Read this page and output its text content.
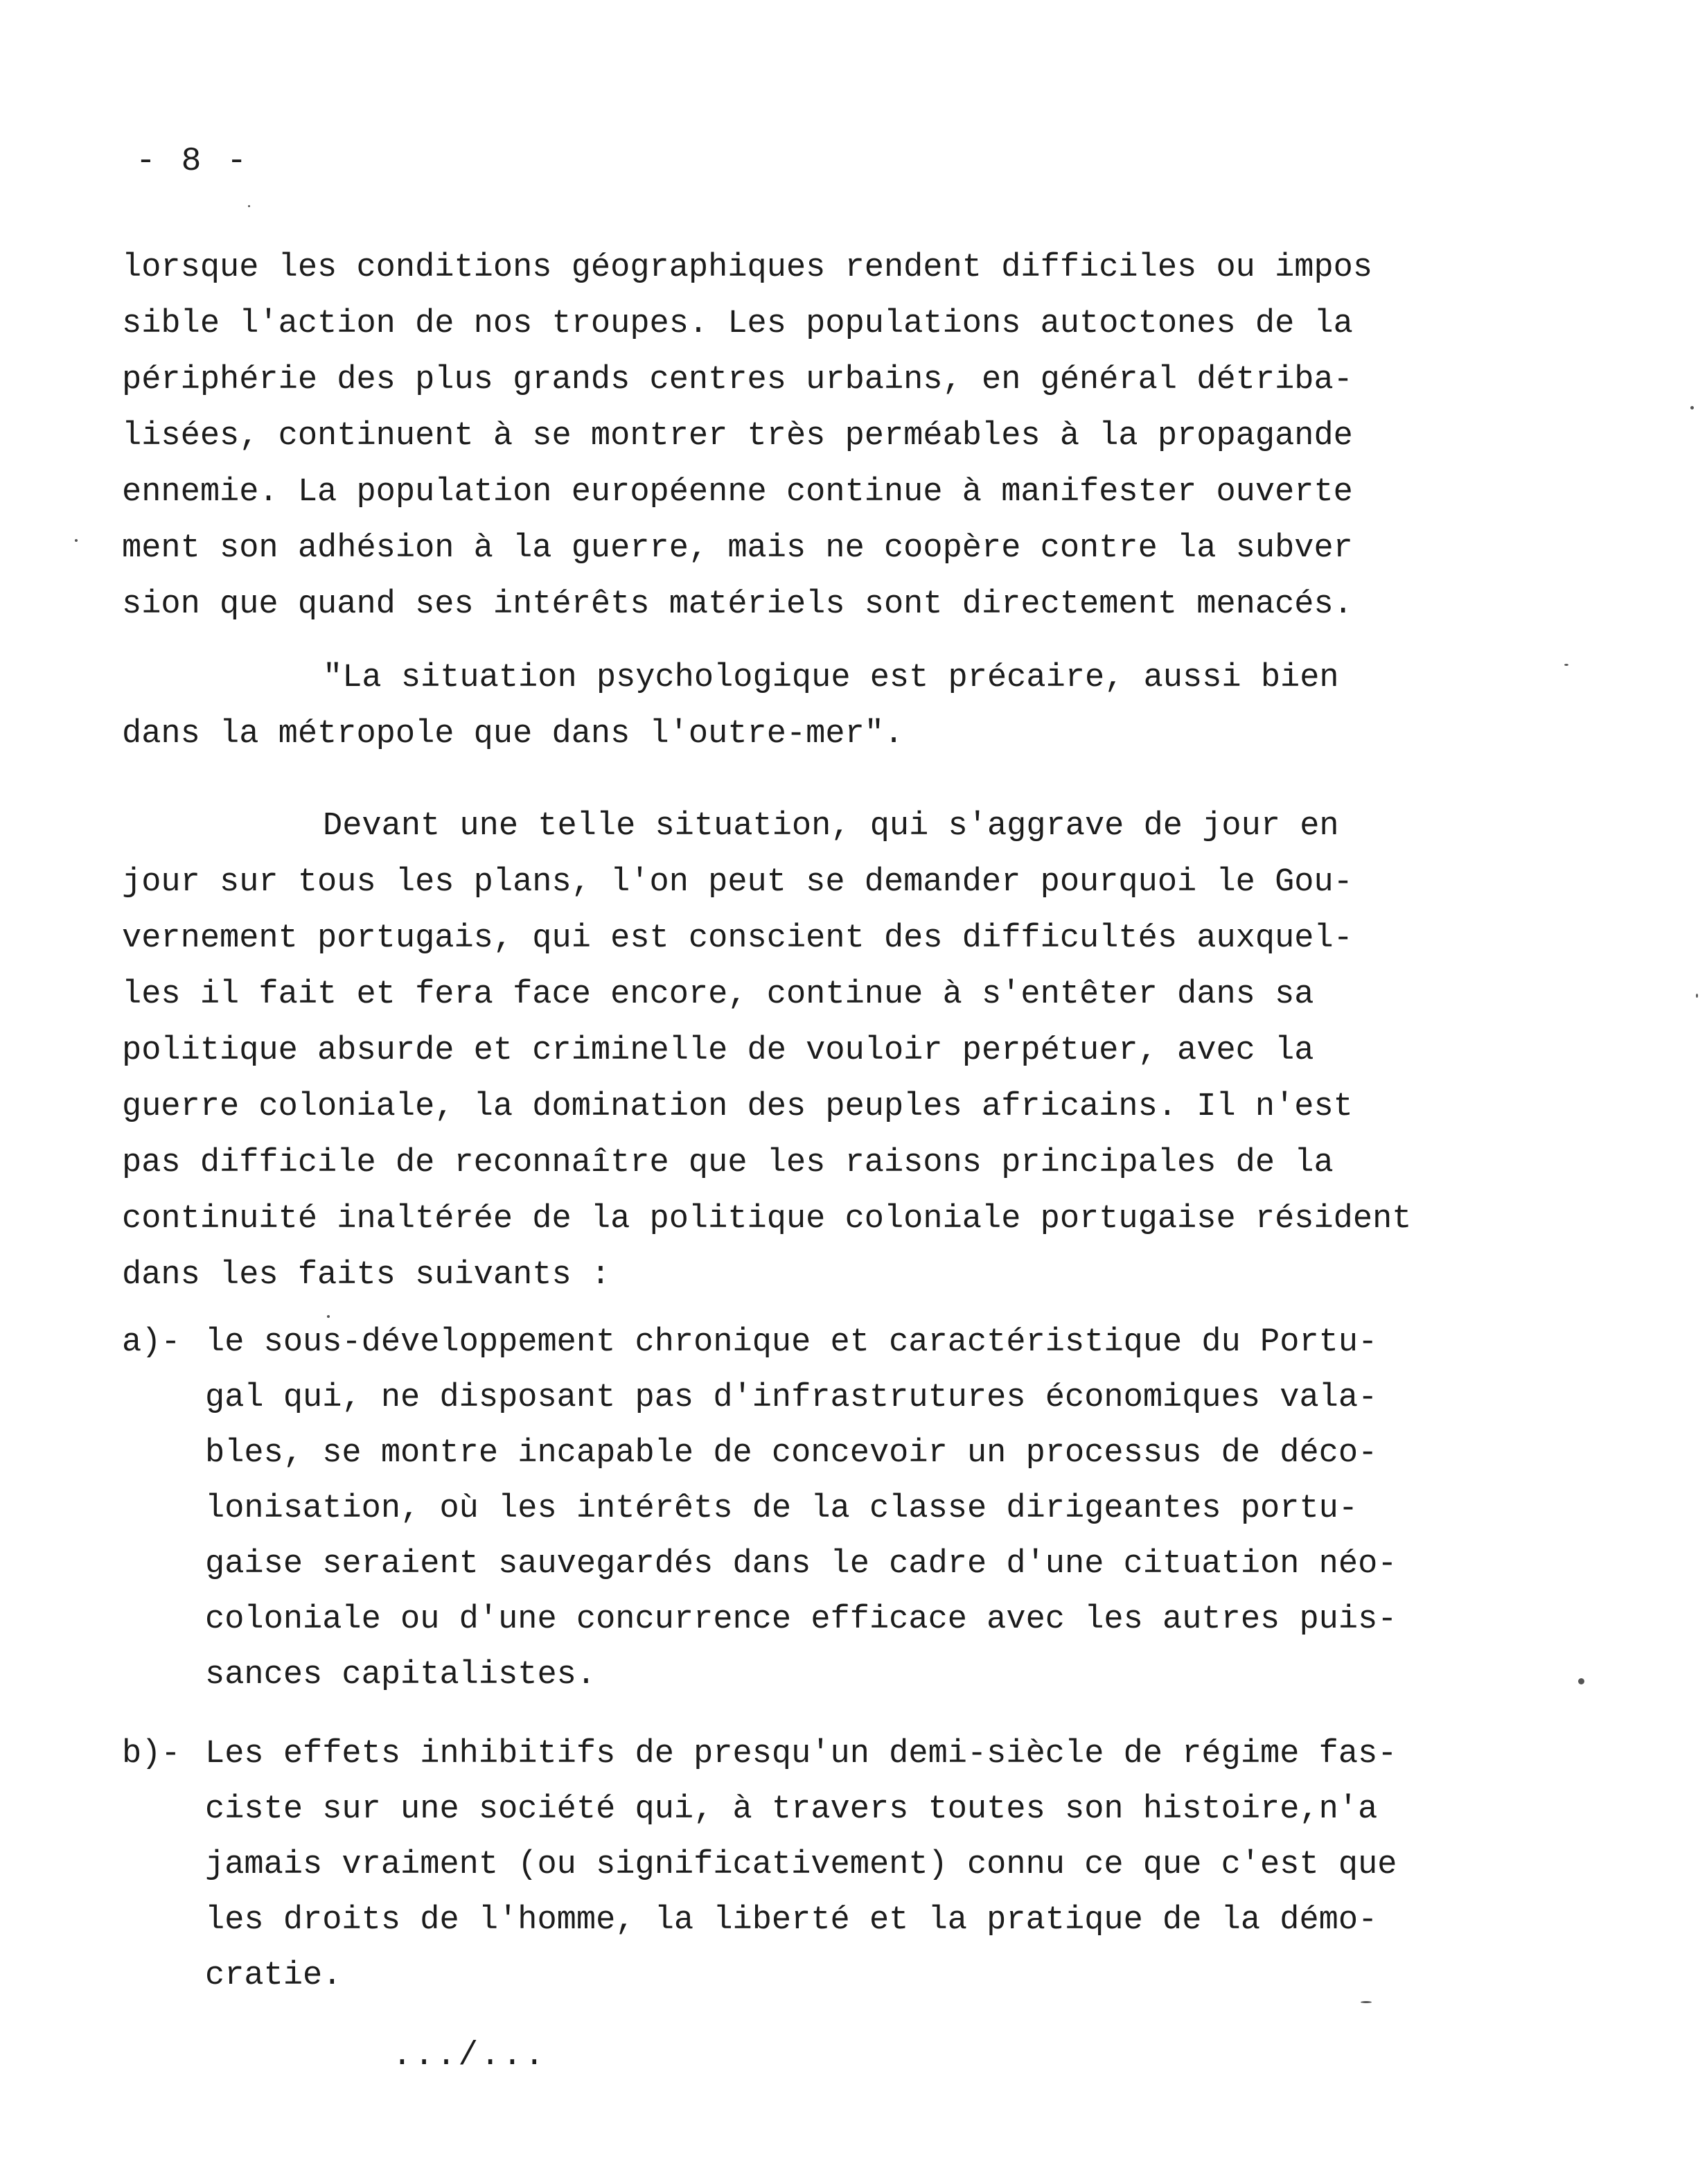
- 8 -
lorsque les conditions géographiques rendent difficiles ou impos
sible l'action de nos troupes. Les populations autoctones de la
périphérie des plus grands centres urbains, en général détriba-
lisées, continuent à se montrer très perméables à la propagande
ennemie. La population européenne continue à manifester ouverte
ment son adhésion à la guerre, mais ne coopère contre la subver
sion que quand ses intérêts matériels sont directement menacés.
"La situation psychologique est précaire, aussi bien
dans la métropole que dans l'outre-mer".
Devant une telle situation, qui s'aggrave de jour en
jour sur tous les plans, l'on peut se demander pourquoi le Gou-
vernement portugais, qui est conscient des difficultés auxquel-
les il fait et fera face encore, continue à s'entêter dans sa
politique absurde et criminelle de vouloir perpétuer, avec la
guerre coloniale, la domination des peuples africains. Il n'est
pas difficile de reconnaître que les raisons principales de la
continuité inaltérée de la politique coloniale portugaise résident
dans les faits suivants :
a)- le sous-développement chronique et caractéristique du Portu-
gal qui, ne disposant pas d'infrastrutures économiques vala-
bles, se montre incapable de concevoir un processus de déco-
lonisation, où les intérêts de la classe dirigeantes portu-
gaise seraient sauvegardés dans le cadre d'une cituation néo-
coloniale ou d'une concurrence efficace avec les autres puis-
sances capitalistes.
b)- Les effets inhibitifs de presqu'un demi-siècle de régime fas-
ciste sur une société qui, à travers toutes son histoire,n'a
jamais vraiment (ou significativement) connu ce que c'est que
les droits de l'homme, la liberté et la pratique de la démo-
cratie.
.../...
